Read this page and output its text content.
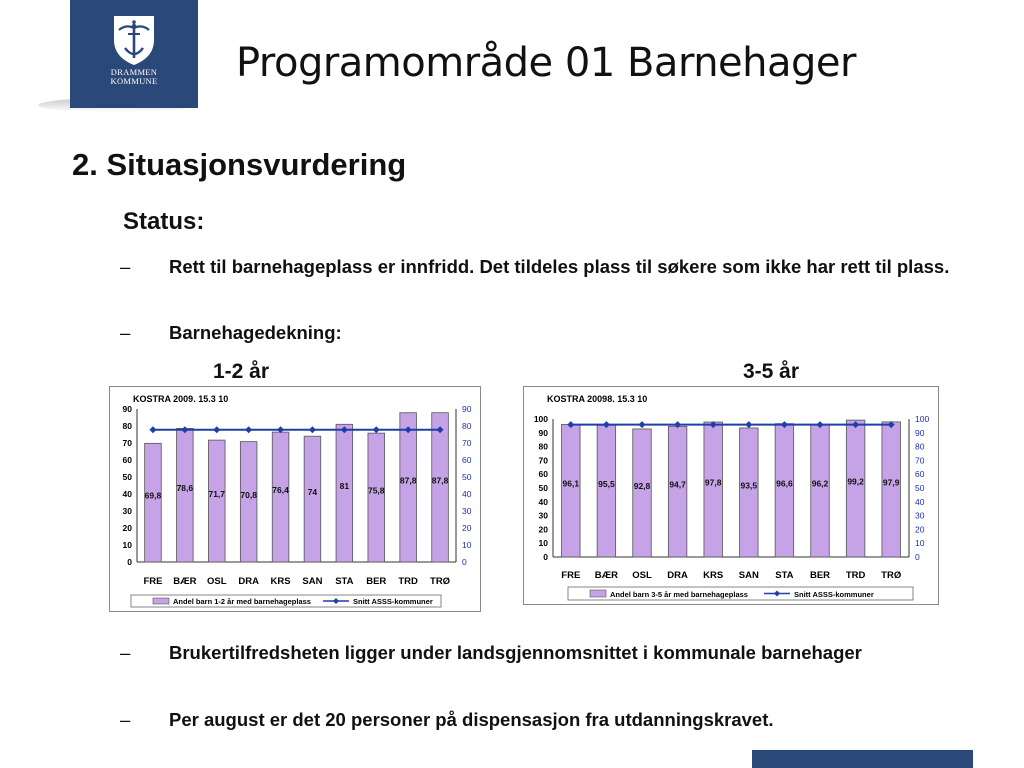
DRAMMEN
KOMMUNE	Programområde 01 Barnehager
2. Situasjonsvurdering
Status:
– Rett til barnehageplass er innfridd. Det tildeles plass til søkere som ikke har rett til plass.
– Barnehagedekning:
1-2 år	3-5 år
KOSTRA 2009. 15.3 10
0	0
10	10
20	20
30	30
40	40
50	50
60	60
70	70
80	80
90	90
69,8
FRE
78,6
BÆR
71,7
OSL
70,8
DRA
76,4
KRS
74
SAN
81
STA
75,8
BER
87,8
TRD
87,8
TRØ
Andel barn 1-2 år med barnehageplass	Snitt ASSS-kommuner
KOSTRA 20098. 15.3 10
0	0
10	10
20	20
30	30
40	40
50	50
60	60
70	70
80	80
90	90
100	100
96,1
FRE
95,5
BÆR
92,8
OSL
94,7
DRA
97,8
KRS
93,5
SAN
96,6
STA
96,2
BER
99,2
TRD
97,9
TRØ
Andel barn 3-5 år med barnehageplass	Snitt ASSS-kommuner
– Brukertilfredsheten ligger under landsgjennomsnittet i kommunale barnehager
– Per august er det 20 personer på dispensasjon fra utdanningskravet.
